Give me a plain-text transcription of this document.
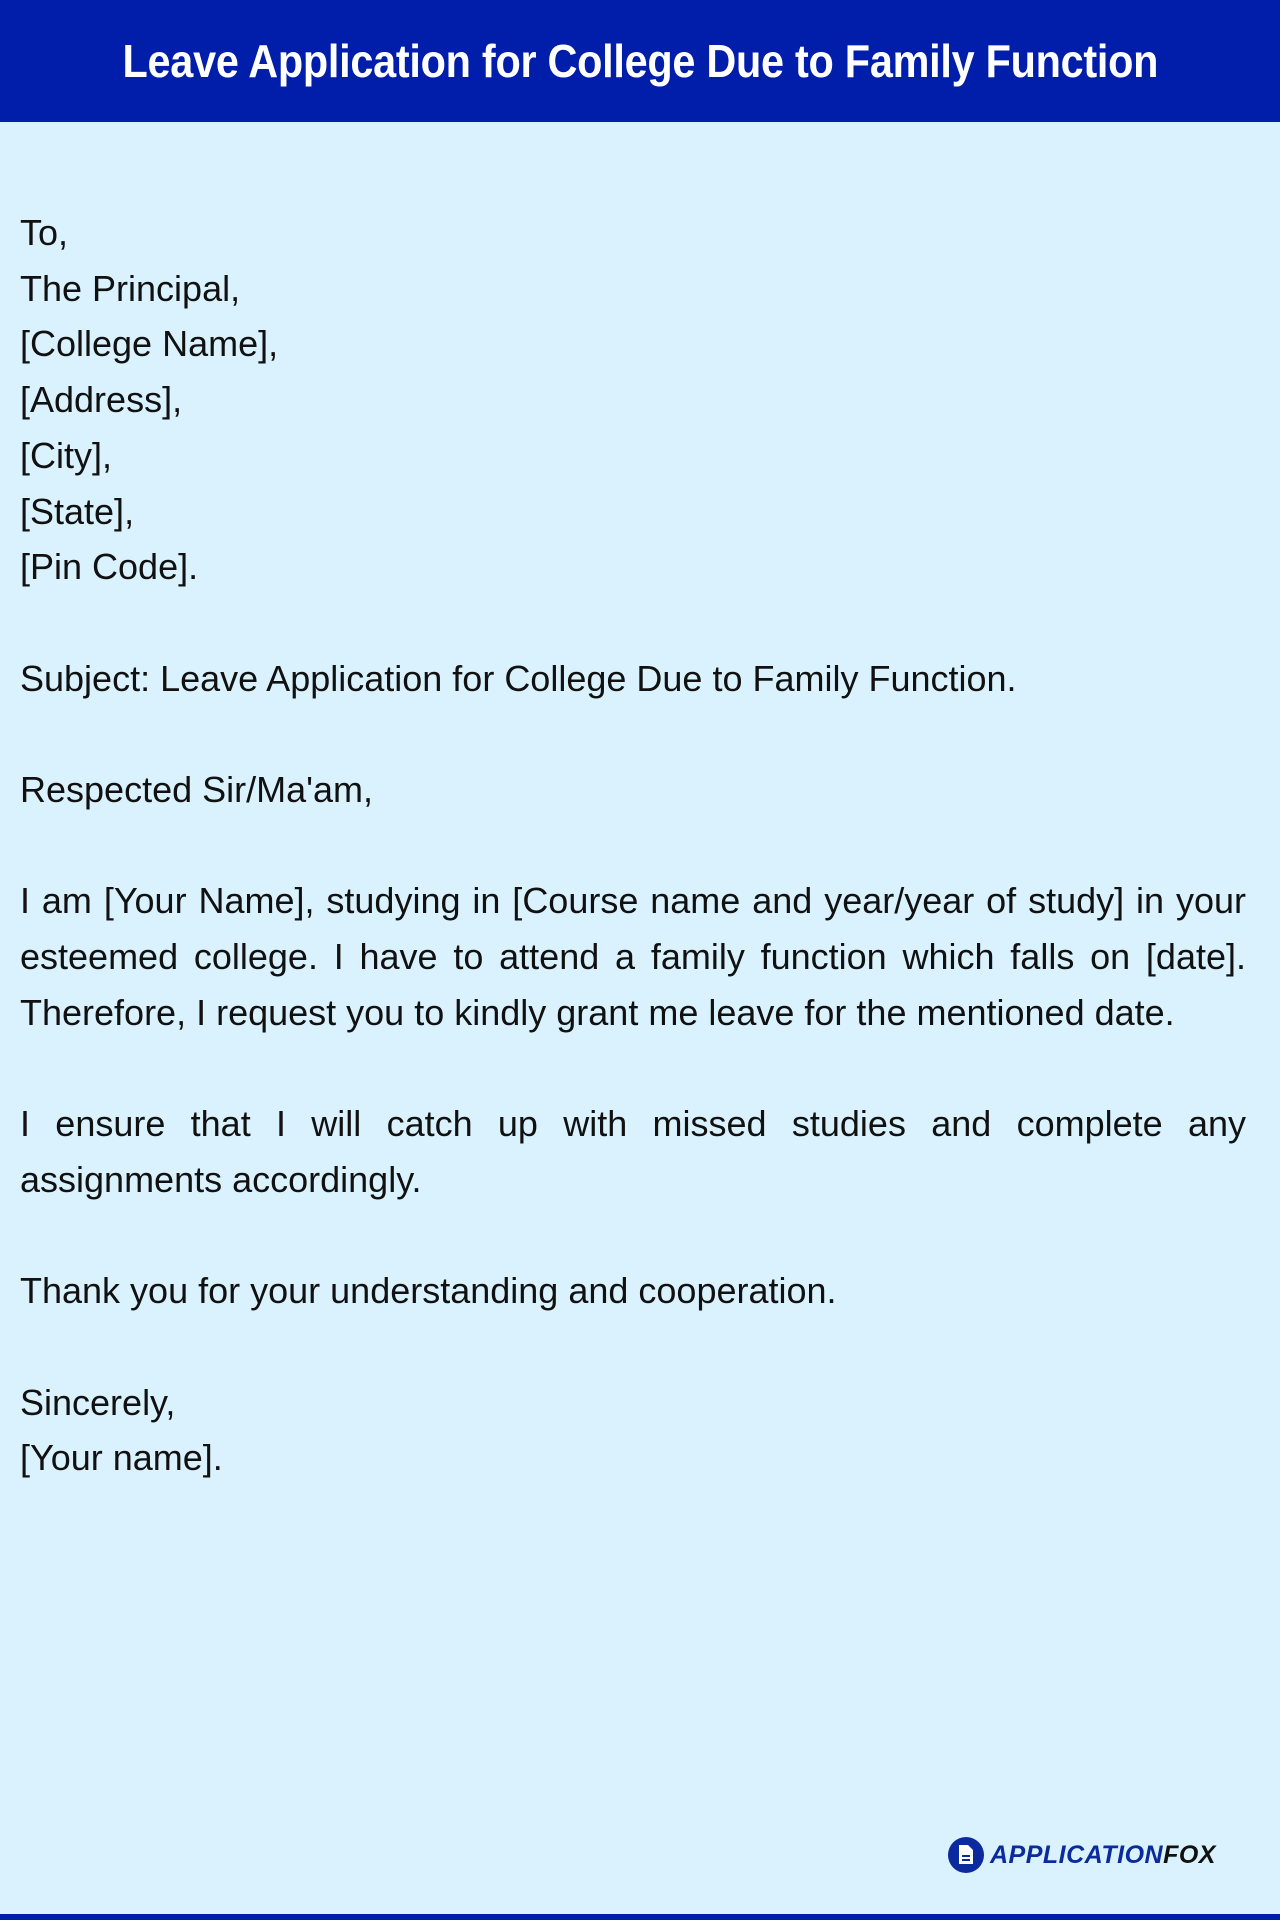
Leave Application for College Due to Family Function

To,
The Principal,
[College Name],
[Address],
[City],
[State],
[Pin Code].

Subject: Leave Application for College Due to Family Function.

Respected Sir/Ma'am,

I am [Your Name], studying in [Course name and year/year of study] in your esteemed college. I have to attend a family function which falls on [date]. Therefore, I request you to kindly grant me leave for the mentioned date.

I ensure that I will catch up with missed studies and complete any assignments accordingly.

Thank you for your understanding and cooperation.

Sincerely,
[Your name].

APPLICATIONFOX
